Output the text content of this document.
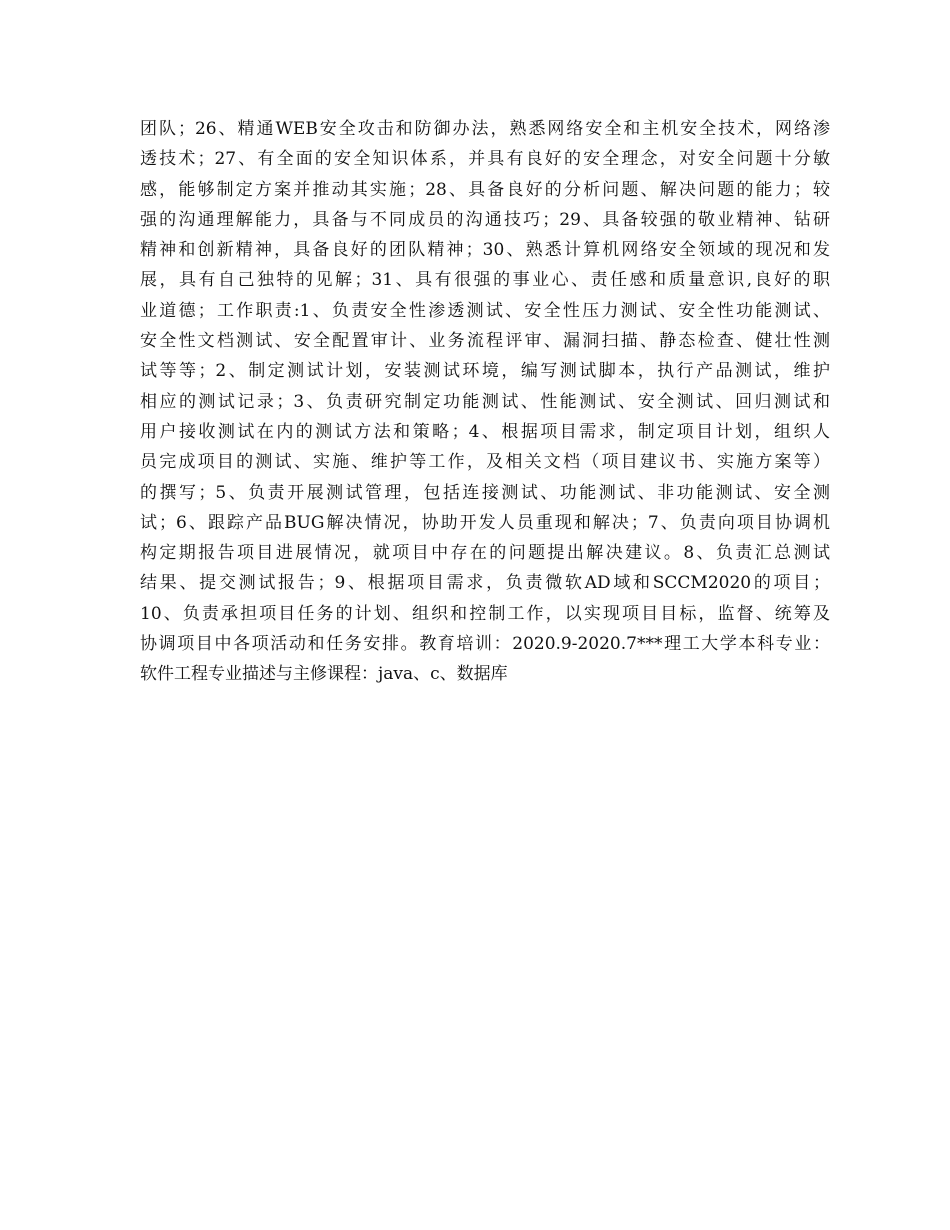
团队；26、精通WEB安全攻击和防御办法，熟悉网络安全和主机安全技术，网络渗
透技术；27、有全面的安全知识体系，并具有良好的安全理念，对安全问题十分敏
感，能够制定方案并推动其实施；28、具备良好的分析问题、解决问题的能力；较
强的沟通理解能力，具备与不同成员的沟通技巧；29、具备较强的敬业精神、钻研
精神和创新精神，具备良好的团队精神；30、熟悉计算机网络安全领域的现况和发
展，具有自己独特的见解；31、具有很强的事业心、责任感和质量意识,良好的职
业道德；工作职责:1、负责安全性渗透测试、安全性压力测试、安全性功能测试、
安全性文档测试、安全配置审计、业务流程评审、漏洞扫描、静态检查、健壮性测
试等等；2、制定测试计划，安装测试环境，编写测试脚本，执行产品测试，维护
相应的测试记录；3、负责研究制定功能测试、性能测试、安全测试、回归测试和
用户接收测试在内的测试方法和策略；4、根据项目需求，制定项目计划，组织人
员完成项目的测试、实施、维护等工作，及相关文档（项目建议书、实施方案等）
的撰写；5、负责开展测试管理，包括连接测试、功能测试、非功能测试、安全测
试；6、跟踪产品BUG解决情况，协助开发人员重现和解决；7、负责向项目协调机
构定期报告项目进展情况，就项目中存在的问题提出解决建议。8、负责汇总测试
结果、提交测试报告；9、根据项目需求，负责微软AD域和SCCM2020的项目；
10、负责承担项目任务的计划、组织和控制工作，以实现项目目标，监督、统筹及
协调项目中各项活动和任务安排。教育培训：2020.9-2020.7***理工大学本科专业：
软件工程专业描述与主修课程：java、c、数据库
